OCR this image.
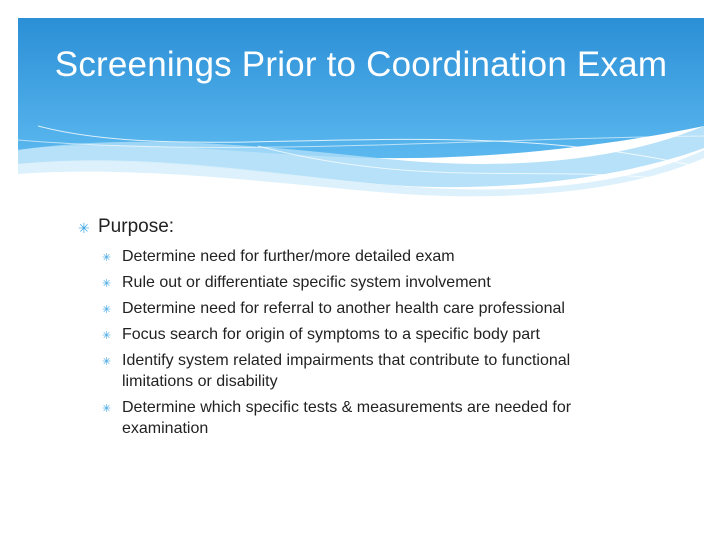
Screenings Prior to Coordination Exam
✳ Purpose:
✳ Determine need for further/more detailed exam
✳ Rule out or differentiate specific system involvement
✳ Determine need for referral to another health care professional
✳ Focus search for origin of symptoms to a specific body part
✳ Identify system related impairments that contribute to functional limitations or disability
✳ Determine which specific tests & measurements are needed for examination
